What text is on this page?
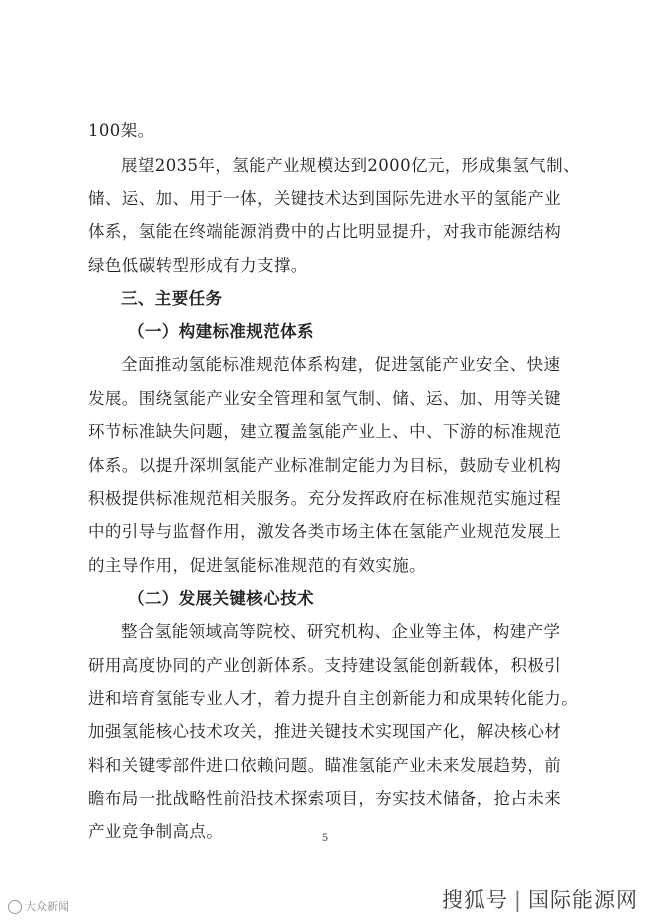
100架。
展望2035年，氢能产业规模达到2000亿元，形成集氢气制、
储、运、加、用于一体，关键技术达到国际先进水平的氢能产业
体系，氢能在终端能源消费中的占比明显提升，对我市能源结构
绿色低碳转型形成有力支撑。
三、主要任务
（一）构建标准规范体系
全面推动氢能标准规范体系构建，促进氢能产业安全、快速
发展。围绕氢能产业安全管理和氢气制、储、运、加、用等关键
环节标准缺失问题，建立覆盖氢能产业上、中、下游的标准规范
体系。以提升深圳氢能产业标准制定能力为目标，鼓励专业机构
积极提供标准规范相关服务。充分发挥政府在标准规范实施过程
中的引导与监督作用，激发各类市场主体在氢能产业规范发展上
的主导作用，促进氢能标准规范的有效实施。
（二）发展关键核心技术
整合氢能领域高等院校、研究机构、企业等主体，构建产学
研用高度协同的产业创新体系。支持建设氢能创新载体，积极引
进和培育氢能专业人才，着力提升自主创新能力和成果转化能力。
加强氢能核心技术攻关，推进关键技术实现国产化，解决核心材
料和关键零部件进口依赖问题。瞄准氢能产业未来发展趋势，前
瞻布局一批战略性前沿技术探索项目，夯实技术储备，抢占未来
产业竞争制高点。	5
大众新闻	搜狐号 | 国际能源网
